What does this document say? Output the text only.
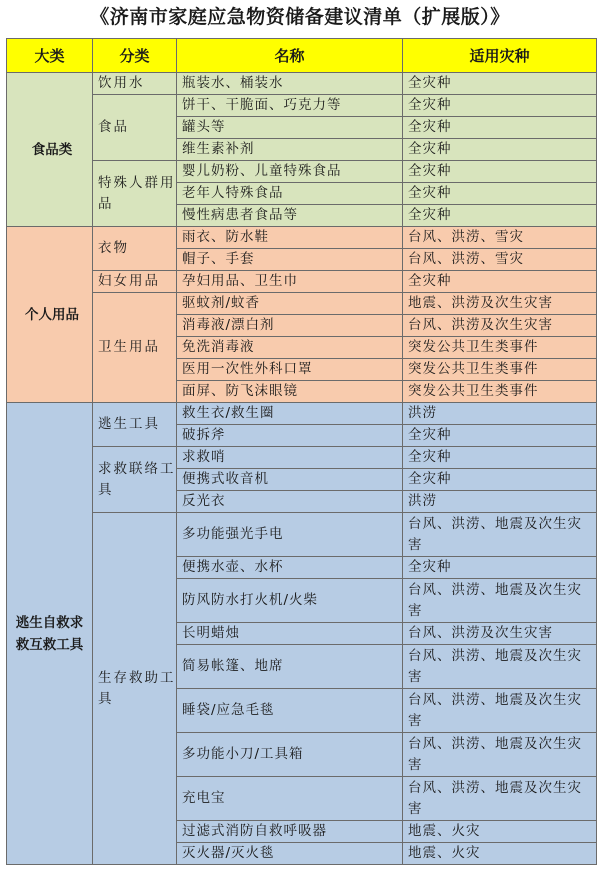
《济南市家庭应急物资储备建议清单（扩展版）》
大类	分类	名称	适用灾种
食品类	饮用水	瓶装水、桶装水	全灾种
	食品	饼干、干脆面、巧克力等	全灾种
		罐头等	全灾种
		维生素补剂	全灾种
	特殊人群用品	婴儿奶粉、儿童特殊食品	全灾种
		老年人特殊食品	全灾种
		慢性病患者食品等	全灾种
个人用品	衣物	雨衣、防水鞋	台风、洪涝、雪灾
		帽子、手套	台风、洪涝、雪灾
	妇女用品	孕妇用品、卫生巾	全灾种
	卫生用品	驱蚊剂/蚊香	地震、洪涝及次生灾害
		消毒液/漂白剂	台风、洪涝及次生灾害
		免洗消毒液	突发公共卫生类事件
		医用一次性外科口罩	突发公共卫生类事件
		面屏、防飞沫眼镜	突发公共卫生类事件
逃生自救求救互救工具	逃生工具	救生衣/救生圈	洪涝
		破拆斧	全灾种
	求救联络工具	求救哨	全灾种
		便携式收音机	全灾种
		反光衣	洪涝
	生存救助工具	多功能强光手电	台风、洪涝、地震及次生灾害
		便携水壶、水杯	全灾种
		防风防水打火机/火柴	台风、洪涝、地震及次生灾害
		长明蜡烛	台风、洪涝及次生灾害
		简易帐篷、地席	台风、洪涝、地震及次生灾害
		睡袋/应急毛毯	台风、洪涝、地震及次生灾害
		多功能小刀/工具箱	台风、洪涝、地震及次生灾害
		充电宝	台风、洪涝、地震及次生灾害
		过滤式消防自救呼吸器	地震、火灾
		灭火器/灭火毯	地震、火灾
